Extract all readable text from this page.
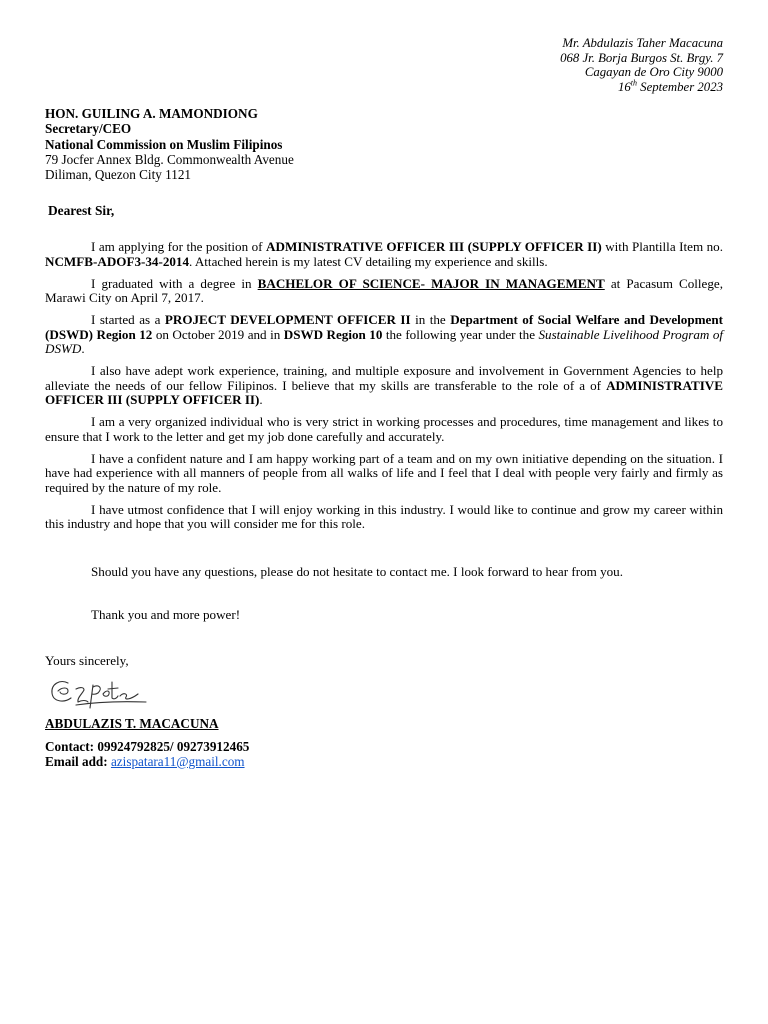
Mr. Abdulazis Taher Macacuna
068 Jr. Borja Burgos St. Brgy. 7
Cagayan de Oro City 9000
16th September 2023
HON. GUILING A. MAMONDIONG
Secretary/CEO
National Commission on Muslim Filipinos
79 Jocfer Annex Bldg. Commonwealth Avenue
Diliman, Quezon City 1121
Dearest Sir,

I am applying for the position of ADMINISTRATIVE OFFICER III (SUPPLY OFFICER II) with Plantilla Item no. NCMFB-ADOF3-34-2014. Attached herein is my latest CV detailing my experience and skills.

I graduated with a degree in BACHELOR OF SCIENCE- MAJOR IN MANAGEMENT at Pacasum College, Marawi City on April 7, 2017.

I started as a PROJECT DEVELOPMENT OFFICER II in the Department of Social Welfare and Development (DSWD) Region 12 on October 2019 and in DSWD Region 10 the following year under the Sustainable Livelihood Program of DSWD.

I also have adept work experience, training, and multiple exposure and involvement in Government Agencies to help alleviate the needs of our fellow Filipinos. I believe that my skills are transferable to the role of a of ADMINISTRATIVE OFFICER III (SUPPLY OFFICER II).

I am a very organized individual who is very strict in working processes and procedures, time management and likes to ensure that I work to the letter and get my job done carefully and accurately.

I have a confident nature and I am happy working part of a team and on my own initiative depending on the situation. I have had experience with all manners of people from all walks of life and I feel that I deal with people very fairly and firmly as required by the nature of my role.

I have utmost confidence that I will enjoy working in this industry. I would like to continue and grow my career within this industry and hope that you will consider me for this role.

Should you have any questions, please do not hesitate to contact me. I look forward to hear from you.
Thank you and more power!
Yours sincerely,
ABDULAZIS T. MACACUNA
Contact: 09924792825/ 09273912465
Email add: azispatara11@gmail.com
